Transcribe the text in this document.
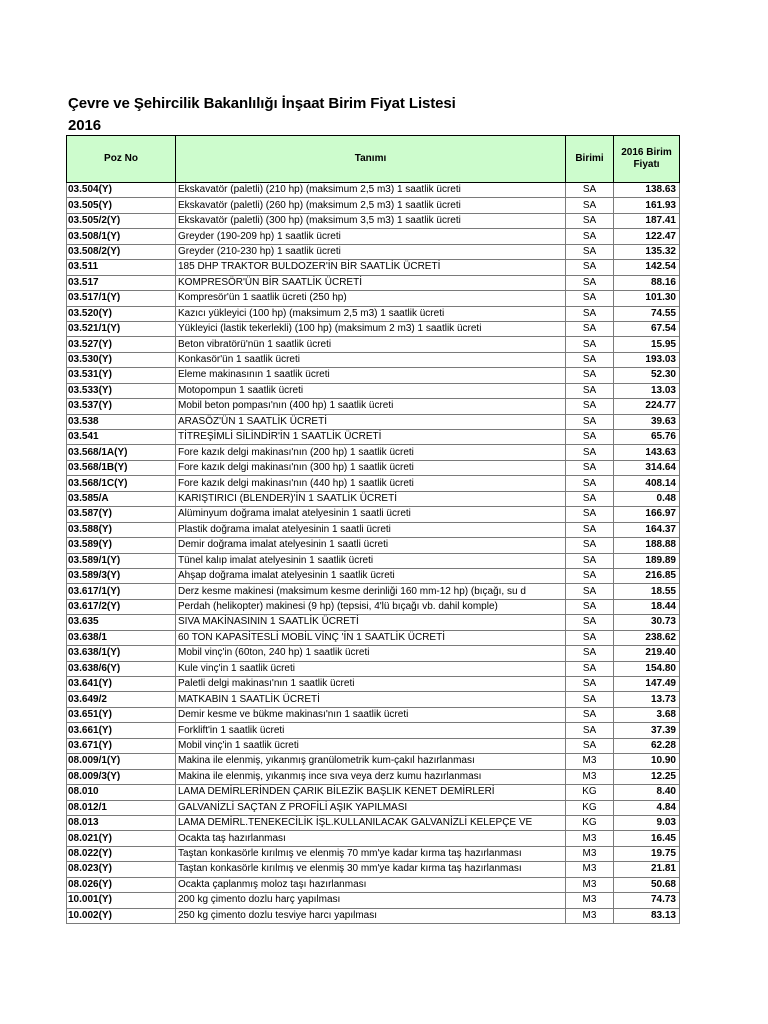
Çevre ve Şehircilik Bakanlılığı İnşaat Birim Fiyat Listesi
2016
Poz No	Tanımı	Birimi	2016 Birim
Fiyatı
03.504(Y)	Ekskavatör (paletli) (210 hp) (maksimum 2,5 m3) 1 saatlik ücreti	SA	138.63
03.505(Y)	Ekskavatör (paletli) (260 hp) (maksimum 2,5 m3) 1 saatlik ücreti	SA	161.93
03.505/2(Y)	Ekskavatör (paletli) (300 hp) (maksimum 3,5 m3) 1 saatlik ücreti	SA	187.41
03.508/1(Y)	Greyder (190-209 hp) 1 saatlik ücreti	SA	122.47
03.508/2(Y)	Greyder (210-230 hp) 1 saatlik ücreti	SA	135.32
03.511	185 DHP TRAKTOR BULDOZER'İN BİR SAATLİK ÜCRETİ	SA	142.54
03.517	KOMPRESÖR'ÜN BİR SAATLİK ÜCRETİ	SA	88.16
03.517/1(Y)	Kompresör'ün 1 saatlik ücreti (250 hp)	SA	101.30
03.520(Y)	Kazıcı yükleyici (100 hp) (maksimum 2,5 m3) 1 saatlik ücreti	SA	74.55
03.521/1(Y)	Yükleyici (lastik tekerlekli) (100 hp) (maksimum 2 m3) 1 saatlik ücreti	SA	67.54
03.527(Y)	Beton vibratörü'nün 1 saatlik ücreti	SA	15.95
03.530(Y)	Konkasör'ün 1 saatlik ücreti	SA	193.03
03.531(Y)	Eleme makinasının 1 saatlik ücreti	SA	52.30
03.533(Y)	Motopompun 1 saatlik ücreti	SA	13.03
03.537(Y)	Mobil beton pompası'nın (400 hp) 1 saatlik ücreti	SA	224.77
03.538	ARASÖZ'ÜN 1 SAATLİK ÜCRETİ	SA	39.63
03.541	TİTREŞİMLİ SİLİNDİR'İN 1 SAATLİK ÜCRETİ	SA	65.76
03.568/1A(Y)	Fore kazık delgi makinası'nın (200 hp) 1 saatlik ücreti	SA	143.63
03.568/1B(Y)	Fore kazık delgi makinası'nın (300 hp) 1 saatlik ücreti	SA	314.64
03.568/1C(Y)	Fore kazık delgi makinası'nın (440 hp) 1 saatlik ücreti	SA	408.14
03.585/A	KARIŞTIRICI (BLENDER)'İN 1 SAATLİK ÜCRETİ	SA	0.48
03.587(Y)	Alüminyum doğrama imalat atelyesinin 1 saatli ücreti	SA	166.97
03.588(Y)	Plastik doğrama imalat atelyesinin 1 saatli ücreti	SA	164.37
03.589(Y)	Demir doğrama imalat atelyesinin 1 saatli ücreti	SA	188.88
03.589/1(Y)	Tünel kalıp imalat atelyesinin 1 saatlik ücreti	SA	189.89
03.589/3(Y)	Ahşap doğrama imalat atelyesinin 1 saatlik ücreti	SA	216.85
03.617/1(Y)	Derz kesme makinesi (maksimum kesme derinliği 160 mm-12 hp) (bıçağı, su d	SA	18.55
03.617/2(Y)	Perdah (helikopter) makinesi (9 hp) (tepsisi, 4'lü bıçağı vb. dahil komple)	SA	18.44
03.635	SIVA MAKİNASININ 1 SAATLİK ÜCRETİ	SA	30.73
03.638/1	60 TON KAPASİTESLİ MOBİL VİNÇ 'İN 1 SAATLİK ÜCRETİ	SA	238.62
03.638/1(Y)	Mobil vinç'in (60ton, 240 hp) 1 saatlik ücreti	SA	219.40
03.638/6(Y)	Kule vinç'in 1 saatlik ücreti	SA	154.80
03.641(Y)	Paletli delgi makinası'nın 1 saatlik ücreti	SA	147.49
03.649/2	MATKABIN 1 SAATLİK ÜCRETİ	SA	13.73
03.651(Y)	Demir kesme ve bükme makinası'nın 1 saatlik ücreti	SA	3.68
03.661(Y)	Forklift'in 1 saatlik ücreti	SA	37.39
03.671(Y)	Mobil vinç'in 1 saatlik ücreti	SA	62.28
08.009/1(Y)	Makina ile elenmiş, yıkanmış granülometrik kum-çakıl hazırlanması	M3	10.90
08.009/3(Y)	Makina ile elenmiş, yıkanmış ince sıva veya derz kumu hazırlanması	M3	12.25
08.010	LAMA DEMİRLERİNDEN ÇARIK BİLEZİK BAŞLIK KENET DEMİRLERİ	KG	8.40
08.012/1	GALVANİZLİ SAÇTAN Z PROFİLİ AŞIK YAPILMASI	KG	4.84
08.013	LAMA DEMİRL.TENEKECİLİK İŞL.KULLANILACAK GALVANİZLİ KELEPÇE VE	KG	9.03
08.021(Y)	Ocakta taş hazırlanması	M3	16.45
08.022(Y)	Taştan konkasörle kırılmış ve elenmiş 70 mm'ye kadar kırma taş hazırlanması	M3	19.75
08.023(Y)	Taştan konkasörle kırılmış ve elenmiş 30 mm'ye kadar kırma taş hazırlanması	M3	21.81
08.026(Y)	Ocakta çaplanmış moloz taşı hazırlanması	M3	50.68
10.001(Y)	200 kg çimento dozlu harç yapılması	M3	74.73
10.002(Y)	250 kg çimento dozlu tesviye harcı yapılması	M3	83.13
